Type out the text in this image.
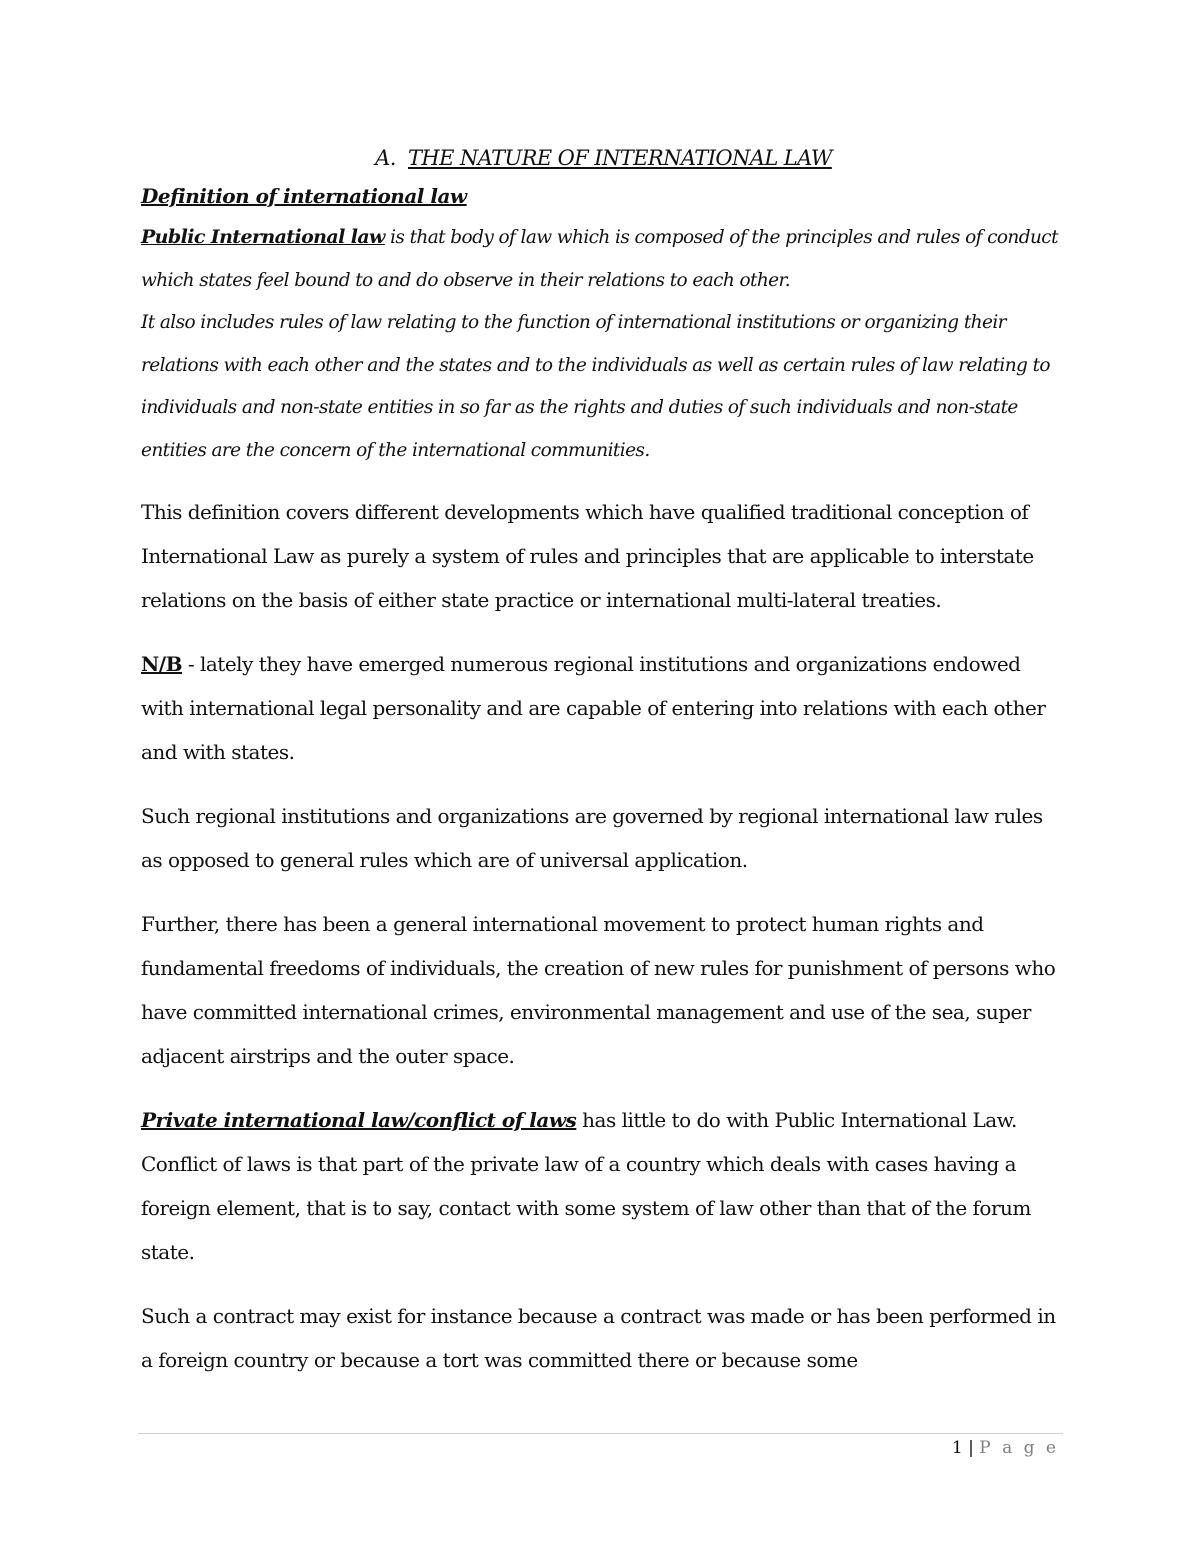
A. THE NATURE OF INTERNATIONAL LAW
Definition of international law

Public International law is that body of law which is composed of the principles and rules of conduct which states feel bound to and do observe in their relations to each other.

It also includes rules of law relating to the function of international institutions or organizing their relations with each other and the states and to the individuals as well as certain rules of law relating to individuals and non-state entities in so far as the rights and duties of such individuals and non-state entities are the concern of the international communities.

This definition covers different developments which have qualified traditional conception of International Law as purely a system of rules and principles that are applicable to interstate relations on the basis of either state practice or international multi-lateral treaties.

N/B - lately they have emerged numerous regional institutions and organizations endowed with international legal personality and are capable of entering into relations with each other and with states.

Such regional institutions and organizations are governed by regional international law rules as opposed to general rules which are of universal application.

Further, there has been a general international movement to protect human rights and fundamental freedoms of individuals, the creation of new rules for punishment of persons who have committed international crimes, environmental management and use of the sea, super adjacent airstrips and the outer space.

Private international law/conflict of laws has little to do with Public International Law. Conflict of laws is that part of the private law of a country which deals with cases having a foreign element, that is to say, contact with some system of law other than that of the forum state.

Such a contract may exist for instance because a contract was made or has been performed in a foreign country or because a tort was committed there or because some

1 | P a g e
